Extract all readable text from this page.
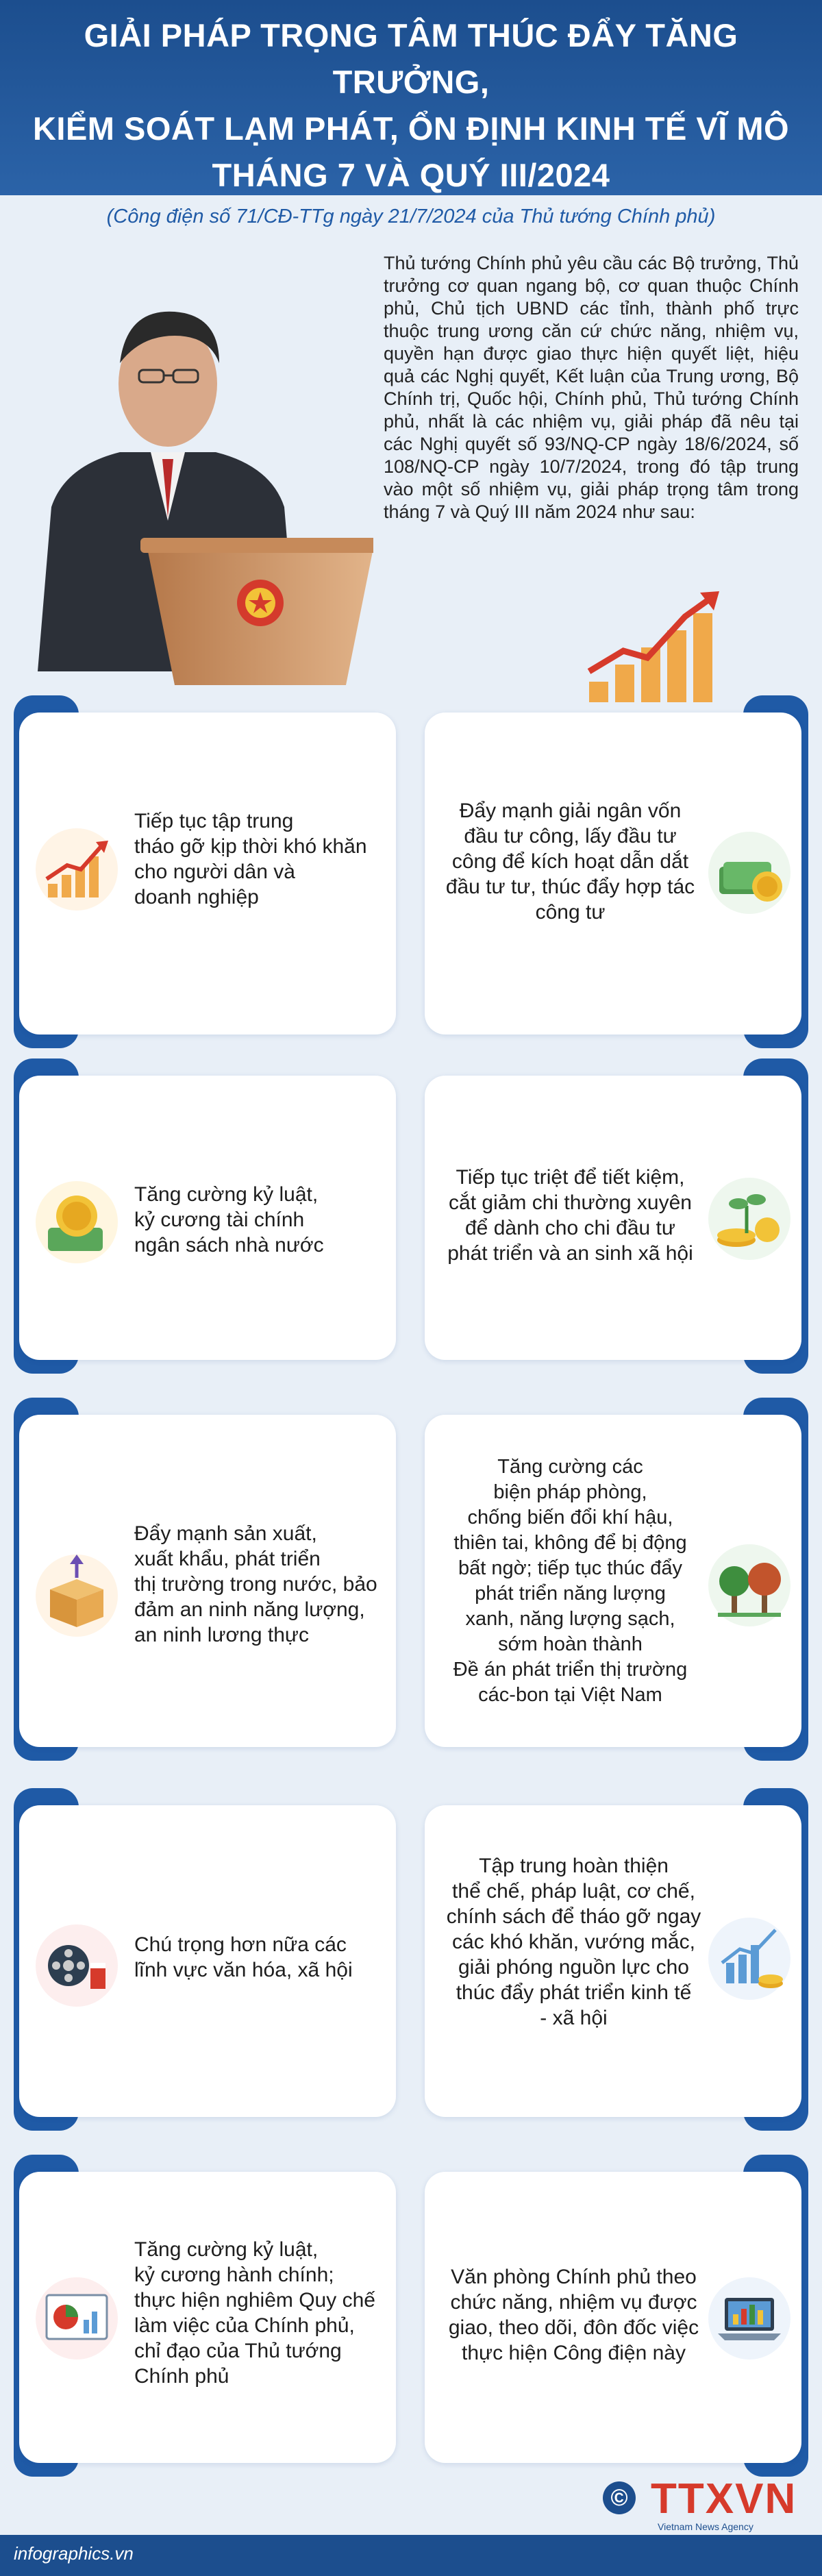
GIẢI PHÁP TRỌNG TÂM THÚC ĐẨY TĂNG TRƯỞNG,
KIỂM SOÁT LẠM PHÁT, ỔN ĐỊNH KINH TẾ VĨ MÔ
THÁNG 7 VÀ QUÝ III/2024
(Công điện số 71/CĐ-TTg ngày 21/7/2024 của Thủ tướng Chính phủ)
Thủ tướng Chính phủ yêu cầu các Bộ trưởng, Thủ trưởng cơ quan ngang bộ, cơ quan thuộc Chính phủ, Chủ tịch UBND các tỉnh, thành phố trực thuộc trung ương căn cứ chức năng, nhiệm vụ, quyền hạn được giao thực hiện quyết liệt, hiệu quả các Nghị quyết, Kết luận của Trung ương, Bộ Chính trị, Quốc hội, Chính phủ, Thủ tướng Chính phủ, nhất là các nhiệm vụ, giải pháp đã nêu tại các Nghị quyết số 93/NQ-CP ngày 18/6/2024, số 108/NQ-CP ngày 10/7/2024, trong đó tập trung vào một số nhiệm vụ, giải pháp trọng tâm trong tháng 7 và Quý III năm 2024 như sau:
Tiếp tục tập trung
tháo gỡ kịp thời khó khăn
cho người dân và
doanh nghiệp
Đẩy mạnh giải ngân vốn
đầu tư công, lấy đầu tư
công để kích hoạt dẫn dắt
đầu tư tư, thúc đẩy hợp tác
công tư
Tăng cường kỷ luật,
kỷ cương tài chính
ngân sách nhà nước
Tiếp tục triệt để tiết kiệm,
cắt giảm chi thường xuyên
để dành cho chi đầu tư
phát triển và an sinh xã hội
Đẩy mạnh sản xuất,
xuất khẩu, phát triển
thị trường trong nước, bảo
đảm an ninh năng lượng,
an ninh lương thực
Tăng cường các
biện pháp phòng,
chống biến đổi khí hậu,
thiên tai, không để bị động
bất ngờ; tiếp tục thúc đẩy
phát triển năng lượng
xanh, năng lượng sạch,
sớm hoàn thành
Đề án phát triển thị trường
các-bon tại Việt Nam
Chú trọng hơn nữa các
lĩnh vực văn hóa, xã hội
Tập trung hoàn thiện
thể chế, pháp luật, cơ chế,
chính sách để tháo gỡ ngay
các khó khăn, vướng mắc,
giải phóng nguồn lực cho
thúc đẩy phát triển kinh tế
- xã hội
Tăng cường kỷ luật,
kỷ cương hành chính;
thực hiện nghiêm Quy chế
làm việc của Chính phủ,
chỉ đạo của Thủ tướng
Chính phủ
Văn phòng Chính phủ theo
chức năng, nhiệm vụ được
giao, theo dõi, đôn đốc việc
thực hiện Công điện này
© TTXVN
Vietnam News Agency
infographics.vn
